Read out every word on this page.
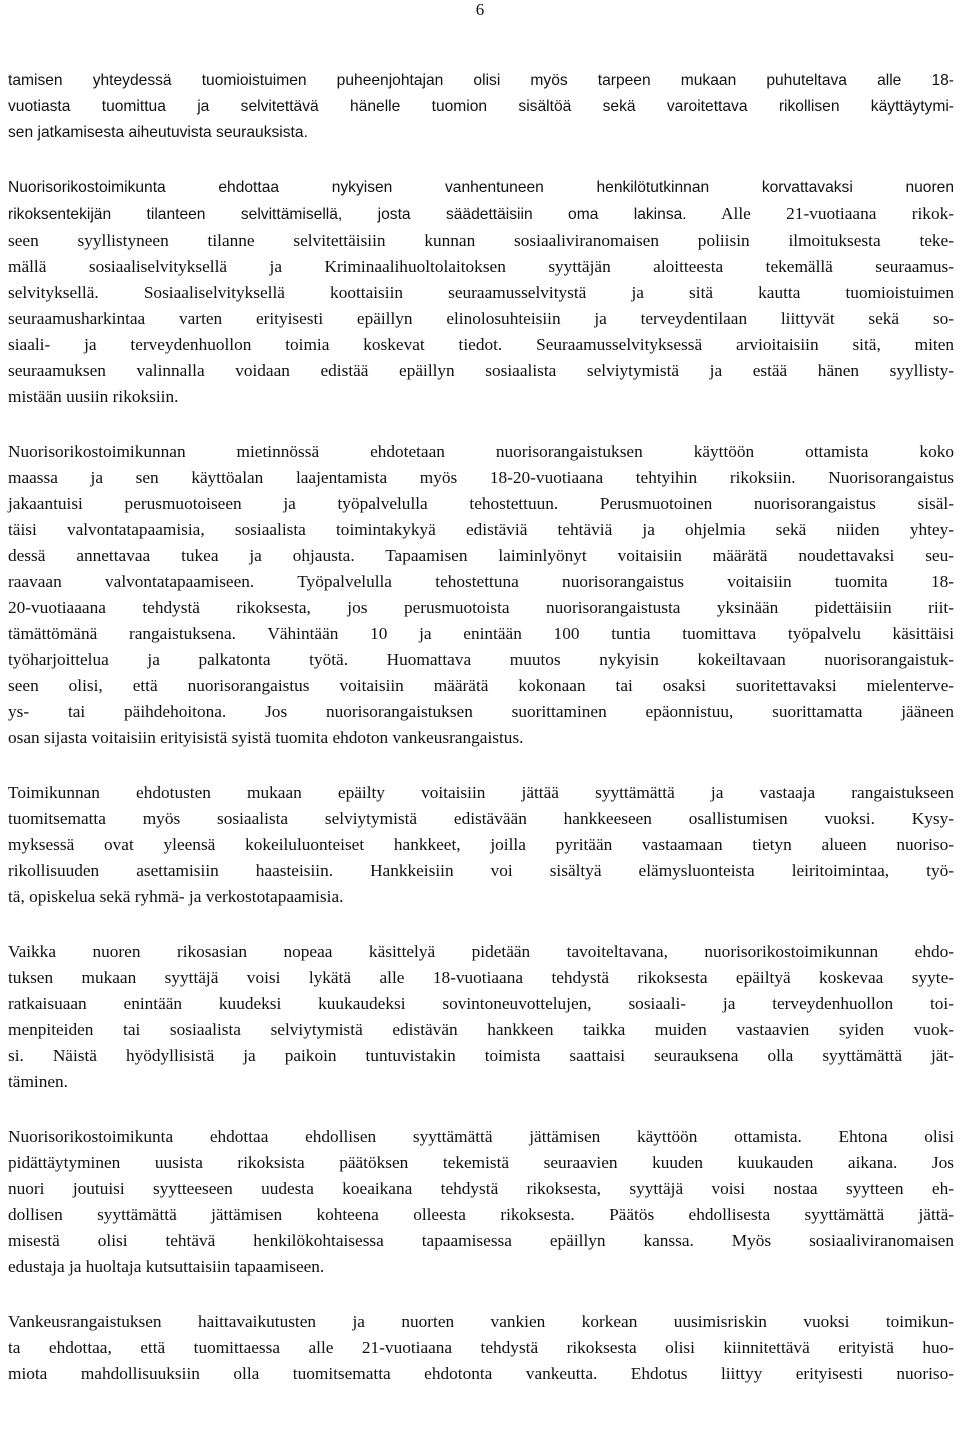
6
tamisen yhteydessä tuomioistuimen puheenjohtajan olisi myös tarpeen mukaan puhuteltava alle 18-
vuotiasta tuomittua ja selvitettävä hänelle tuomion sisältöä sekä varoitettava rikollisen käyttäytymi-
sen jatkamisesta aiheutuvista seurauksista.
Nuorisorikostoimikunta ehdottaa nykyisen vanhentuneen henkilötutkinnan korvattavaksi nuoren
rikoksentekijän tilanteen selvittämisellä, josta säädettäisiin oma lakinsa. Alle 21-vuotiaana rikok-
seen syyllistyneen tilanne selvitettäisiin kunnan sosiaaliviranomaisen poliisin ilmoituksesta teke-
mällä sosiaaliselvityksellä ja Kriminaalihuoltolaitoksen syyttäjän aloitteesta tekemällä seuraamus-
selvityksellä. Sosiaaliselvityksellä koottaisiin seuraamusselvitystä ja sitä kautta tuomioistuimen
seuraamusharkintaa varten erityisesti epäillyn elinolosuhteisiin ja terveydentilaan liittyvät sekä so-
siaali- ja terveydenhuollon toimia koskevat tiedot. Seuraamusselvityksessä arvioitaisiin sitä, miten
seuraamuksen valinnalla voidaan edistää epäillyn sosiaalista selviytymistä ja estää hänen syyllisty-
mistään uusiin rikoksiin.
Nuorisorikostoimikunnan mietinnössä ehdotetaan nuorisorangaistuksen käyttöön ottamista koko
maassa ja sen käyttöalan laajentamista myös 18-20-vuotiaana tehtyihin rikoksiin. Nuorisorangaistus
jakaantuisi perusmuotoiseen ja työpalvelulla tehostettuun. Perusmuotoinen nuorisorangaistus sisäl-
täisi valvontatapaamisia, sosiaalista toimintakykyä edistäviä tehtäviä ja ohjelmia sekä niiden yhtey-
dessä annettavaa tukea ja ohjausta. Tapaamisen laiminlyönyt voitaisiin määrätä noudettavaksi seu-
raavaan valvontatapaamiseen. Työpalvelulla tehostettuna nuorisorangaistus voitaisiin tuomita 18-
20-vuotiaaana tehdystä rikoksesta, jos perusmuotoista nuorisorangaistusta yksinään pidettäisiin riit-
tämättömänä rangaistuksena. Vähintään 10 ja enintään 100 tuntia tuomittava työpalvelu käsittäisi
työharjoittelua ja palkatonta työtä. Huomattava muutos nykyisin kokeiltavaan nuorisorangaistuk-
seen olisi, että nuorisorangaistus voitaisiin määrätä kokonaan tai osaksi suoritettavaksi mielenterve-
ys- tai päihdehoitona. Jos nuorisorangaistuksen suorittaminen epäonnistuu, suorittamatta jääneen
osan sijasta voitaisiin erityisistä syistä tuomita ehdoton vankeusrangaistus.
Toimikunnan ehdotusten mukaan epäilty voitaisiin jättää syyttämättä ja vastaaja rangaistukseen
tuomitsematta myös sosiaalista selviytymistä edistävään hankkeeseen osallistumisen vuoksi. Kysy-
myksessä ovat yleensä kokeiluluonteiset hankkeet, joilla pyritään vastaamaan tietyn alueen nuoriso-
rikollisuuden asettamisiin haasteisiin. Hankkeisiin voi sisältyä elämysluonteista leiritoimintaa, työ-
tä, opiskelua sekä ryhmä- ja verkostotapaamisia.
Vaikka nuoren rikosasian nopeaa käsittelyä pidetään tavoiteltavana, nuorisorikostoimikunnan ehdo-
tuksen mukaan syyttäjä voisi lykätä alle 18-vuotiaana tehdystä rikoksesta epäiltyä koskevaa syyte-
ratkaisuaan enintään kuudeksi kuukaudeksi sovintoneuvottelujen, sosiaali- ja terveydenhuollon toi-
menpiteiden tai sosiaalista selviytymistä edistävän hankkeen taikka muiden vastaavien syiden vuok-
si. Näistä hyödyllisistä ja paikoin tuntuvistakin toimista saattaisi seurauksena olla syyttämättä jät-
täminen.
Nuorisorikostoimikunta ehdottaa ehdollisen syyttämättä jättämisen käyttöön ottamista. Ehtona olisi
pidättäytyminen uusista rikoksista päätöksen tekemistä seuraavien kuuden kuukauden aikana. Jos
nuori joutuisi syytteeseen uudesta koeaikana tehdystä rikoksesta, syyttäjä voisi nostaa syytteen eh-
dollisen syyttämättä jättämisen kohteena olleesta rikoksesta. Päätös ehdollisesta syyttämättä jättä-
misestä olisi tehtävä henkilökohtaisessa tapaamisessa epäillyn kanssa. Myös sosiaaliviranomaisen
edustaja ja huoltaja kutsuttaisiin tapaamiseen.
Vankeusrangaistuksen haittavaikutusten ja nuorten vankien korkean uusimisriskin vuoksi toimikun-
ta ehdottaa, että tuomittaessa alle 21-vuotiaana tehdystä rikoksesta olisi kiinnitettävä erityistä huo-
miota mahdollisuuksiin olla tuomitsematta ehdotonta vankeutta. Ehdotus liittyy erityisesti nuoriso-
